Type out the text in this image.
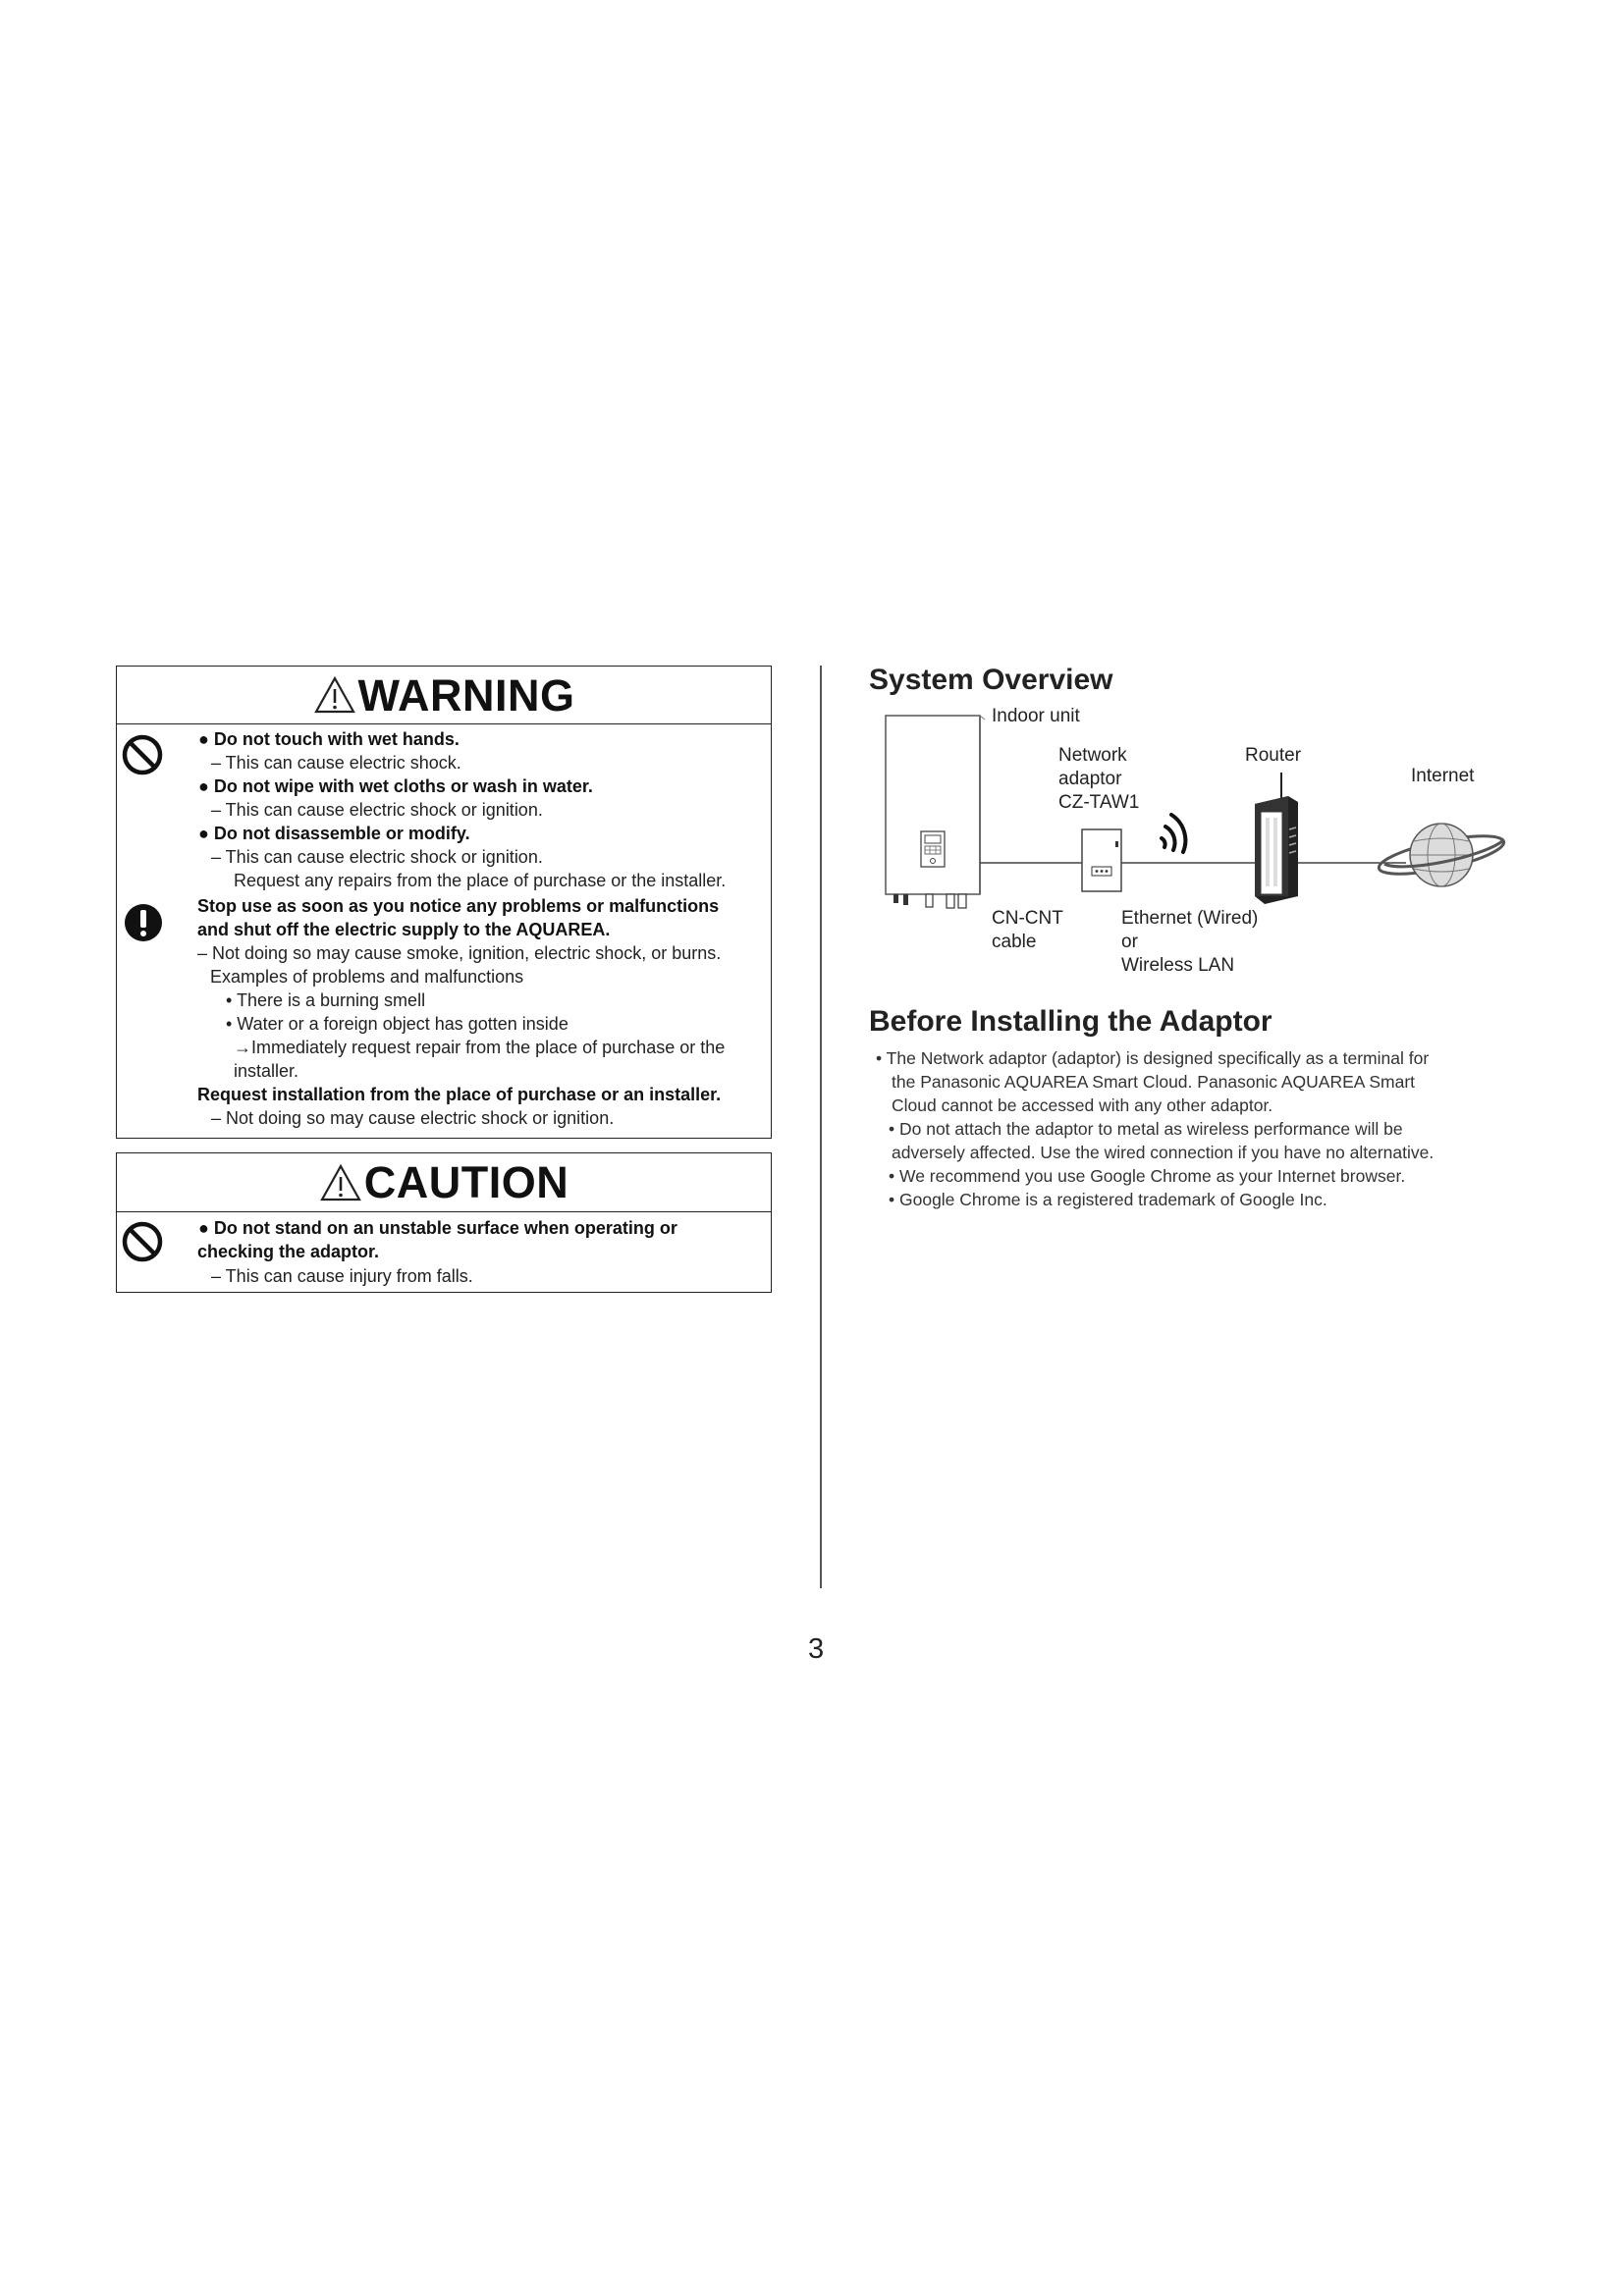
WARNING
● Do not touch with wet hands.
– This can cause electric shock.
● Do not wipe with wet cloths or wash in water.
– This can cause electric shock or ignition.
● Do not disassemble or modify.
– This can cause electric shock or ignition.
Request any repairs from the place of purchase or the installer.
Stop use as soon as you notice any problems or malfunctions
and shut off the electric supply to the AQUAREA.
– Not doing so may cause smoke, ignition, electric shock, or burns.
Examples of problems and malfunctions
• There is a burning smell
• Water or a foreign object has gotten inside
→Immediately request repair from the place of purchase or the
installer.
Request installation from the place of purchase or an installer.
– Not doing so may cause electric shock or ignition.
CAUTION
● Do not stand on an unstable surface when operating or
checking the adaptor.
– This can cause injury from falls.
3
System Overview
Indoor unit
Network
adaptor
CZ-TAW1
Router
Internet
CN-CNT
cable
Ethernet (Wired)
or
Wireless LAN
Before Installing the Adaptor
• The Network adaptor (adaptor) is designed specifically as a terminal for
the Panasonic AQUAREA Smart Cloud. Panasonic AQUAREA Smart
Cloud cannot be accessed with any other adaptor.
• Do not attach the adaptor to metal as wireless performance will be
adversely affected. Use the wired connection if you have no alternative.
• We recommend you use Google Chrome as your Internet browser.
• Google Chrome is a registered trademark of Google Inc.
